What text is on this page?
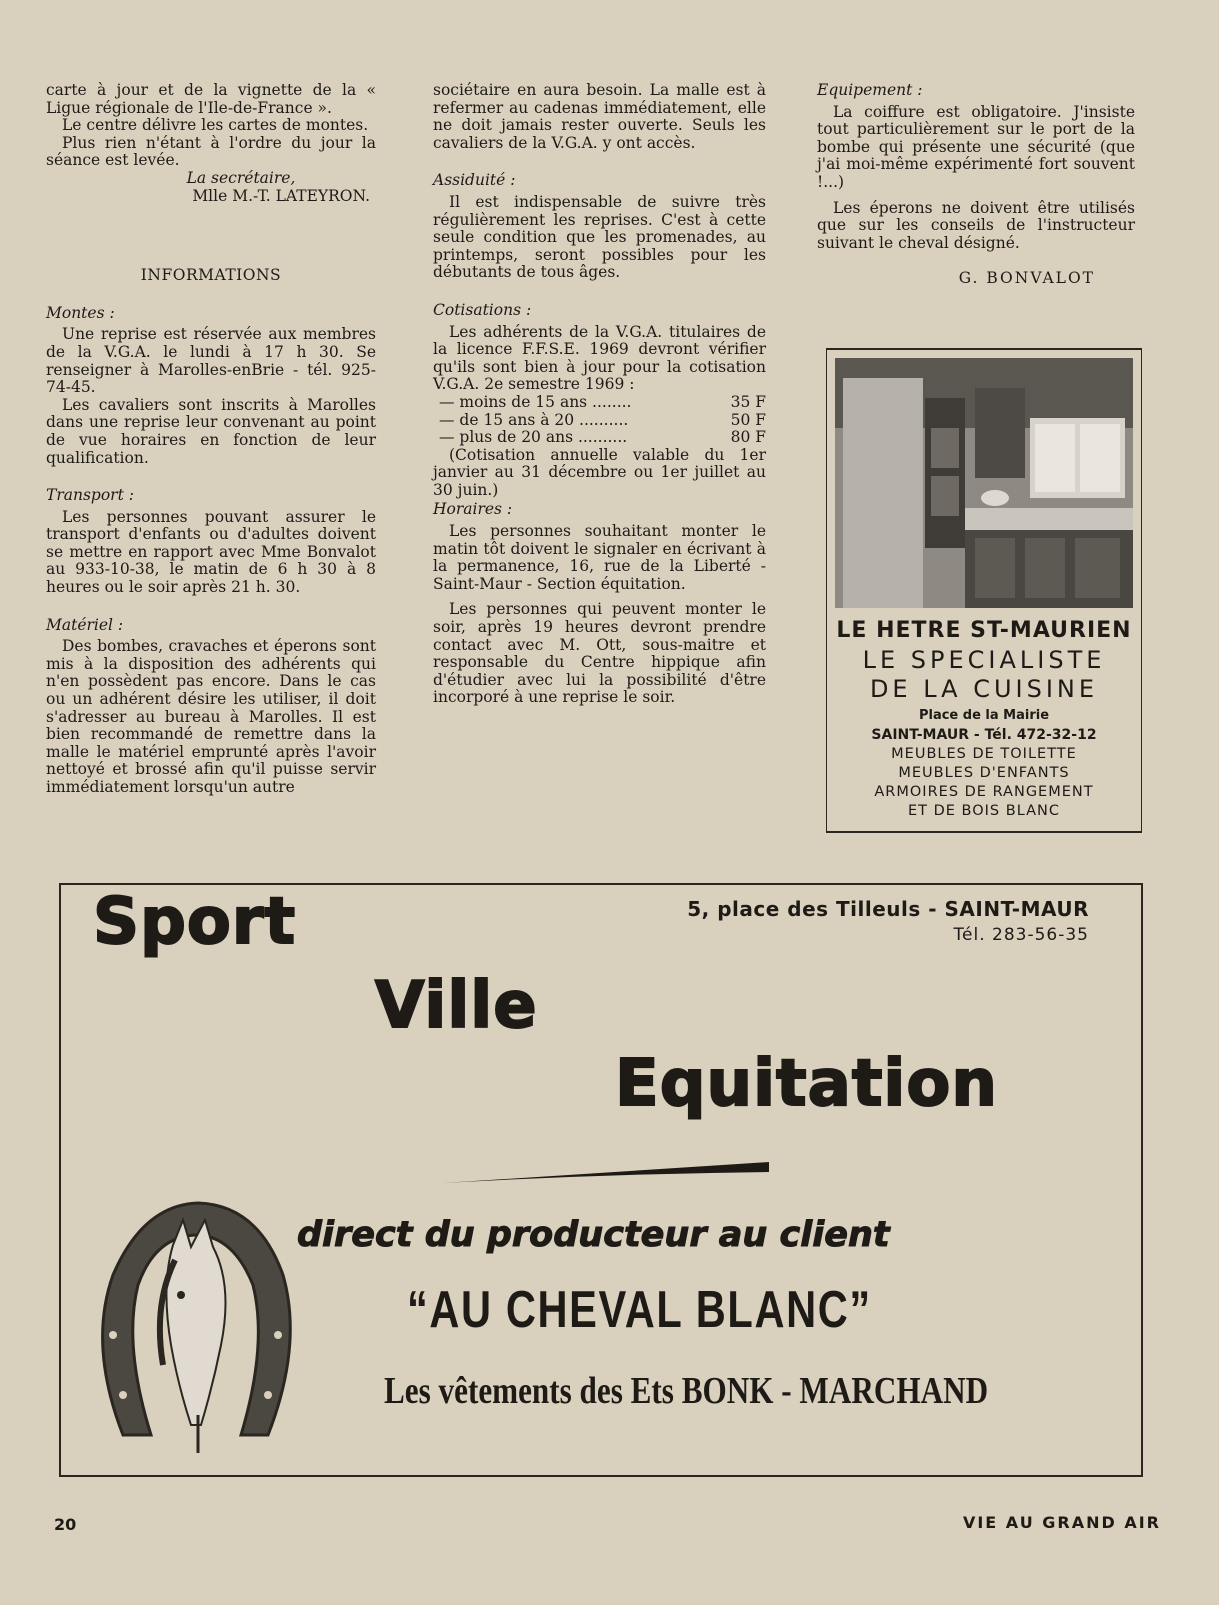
carte à jour et de la vignette de la « Ligue régionale de l'Ile-de-France ».

Le centre délivre les cartes de montes.

Plus rien n'étant à l'ordre du jour la séance est levée.

La secrétaire,
Mlle M.-T. LATEYRON.
INFORMATIONS
Montes :

Une reprise est réservée aux membres de la V.G.A. le lundi à 17 h 30. Se renseigner à Marolles-enBrie - tél. 925-74-45.

Les cavaliers sont inscrits à Marolles dans une reprise leur convenant au point de vue horaires en fonction de leur qualification.

Transport :

Les personnes pouvant assurer le transport d'enfants ou d'adultes doivent se mettre en rapport avec Mme Bonvalot au 933-10-38, le matin de 6 h 30 à 8 heures ou le soir après 21 h. 30.

Matériel :

Des bombes, cravaches et éperons sont mis à la disposition des adhérents qui n'en possèdent pas encore. Dans le cas ou un adhérent désire les utiliser, il doit s'adresser au bureau à Marolles. Il est bien recommandé de remettre dans la malle le matériel emprunté après l'avoir nettoyé et brossé afin qu'il puisse servir immédiatement lorsqu'un autre

sociétaire en aura besoin. La malle est à refermer au cadenas immédiatement, elle ne doit jamais rester ouverte. Seuls les cavaliers de la V.G.A. y ont accès.

Assiduité :

Il est indispensable de suivre très régulièrement les reprises. C'est à cette seule condition que les promenades, au printemps, seront possibles pour les débutants de tous âges.

Cotisations :

Les adhérents de la V.G.A. titulaires de la licence F.F.S.E. 1969 devront vérifier qu'ils sont bien à jour pour la cotisation V.G.A. 2e semestre 1969 :

— moins de 15 ans ........	35 F
— de 15 ans à 20 ..........	50 F
— plus de 20 ans ..........	80 F

(Cotisation annuelle valable du 1er janvier au 31 décembre ou 1er juillet au 30 juin.)

Horaires :

Les personnes souhaitant monter le matin tôt doivent le signaler en écrivant à la permanence, 16, rue de la Liberté - Saint-Maur - Section équitation.

Les personnes qui peuvent monter le soir, après 19 heures devront prendre contact avec M. Ott, sous-maitre et responsable du Centre hippique afin d'étudier avec lui la possibilité d'être incorporé à une reprise le soir.

Equipement :

La coiffure est obligatoire. J'insiste tout particulièrement sur le port de la bombe qui présente une sécurité (que j'ai moi-même expérimenté fort souvent !...)

Les éperons ne doivent être utilisés que sur les conseils de l'instructeur suivant le cheval désigné.

G. BONVALOT
LE HETRE ST-MAURIEN
LE SPECIALISTE
DE LA CUISINE
Place de la Mairie
SAINT-MAUR - Tél. 472-32-12
MEUBLES DE TOILETTE
MEUBLES D'ENFANTS
ARMOIRES DE RANGEMENT
ET DE BOIS BLANC
5, place des Tilleuls - SAINT-MAUR
Tél. 283-56-35
Sport
Ville
Equitation
direct du producteur au client
“AU CHEVAL BLANC”
Les vêtements des Ets BONK - MARCHAND
20	VIE AU GRAND AIR
